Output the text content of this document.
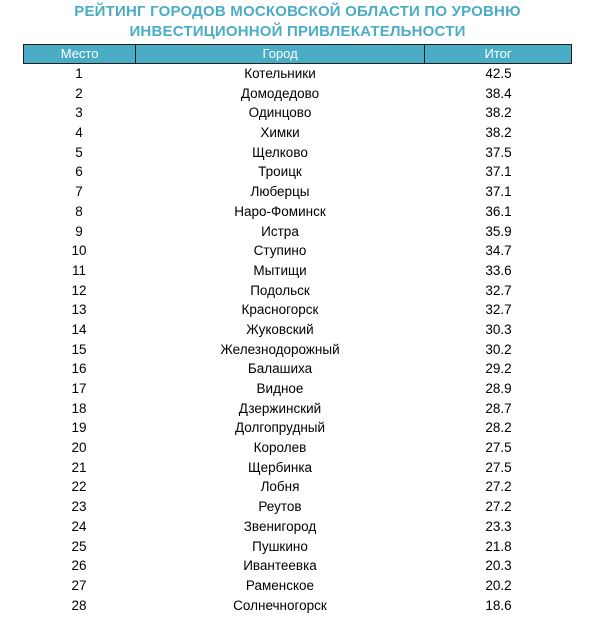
РЕЙТИНГ ГОРОДОВ МОСКОВСКОЙ ОБЛАСТИ ПО УРОВНЮ
ИНВЕСТИЦИОННОЙ ПРИВЛЕКАТЕЛЬНОСТИ
Место	Город	Итог
1	Котельники	42.5
2	Домодедово	38.4
3	Одинцово	38.2
4	Химки	38.2
5	Щелково	37.5
6	Троицк	37.1
7	Люберцы	37.1
8	Наро-Фоминск	36.1
9	Истра	35.9
10	Ступино	34.7
11	Мытищи	33.6
12	Подольск	32.7
13	Красногорск	32.7
14	Жуковский	30.3
15	Железнодорожный	30.2
16	Балашиха	29.2
17	Видное	28.9
18	Дзержинский	28.7
19	Долгопрудный	28.2
20	Королев	27.5
21	Щербинка	27.5
22	Лобня	27.2
23	Реутов	27.2
24	Звенигород	23.3
25	Пушкино	21.8
26	Ивантеевка	20.3
27	Раменское	20.2
28	Солнечногорск	18.6
